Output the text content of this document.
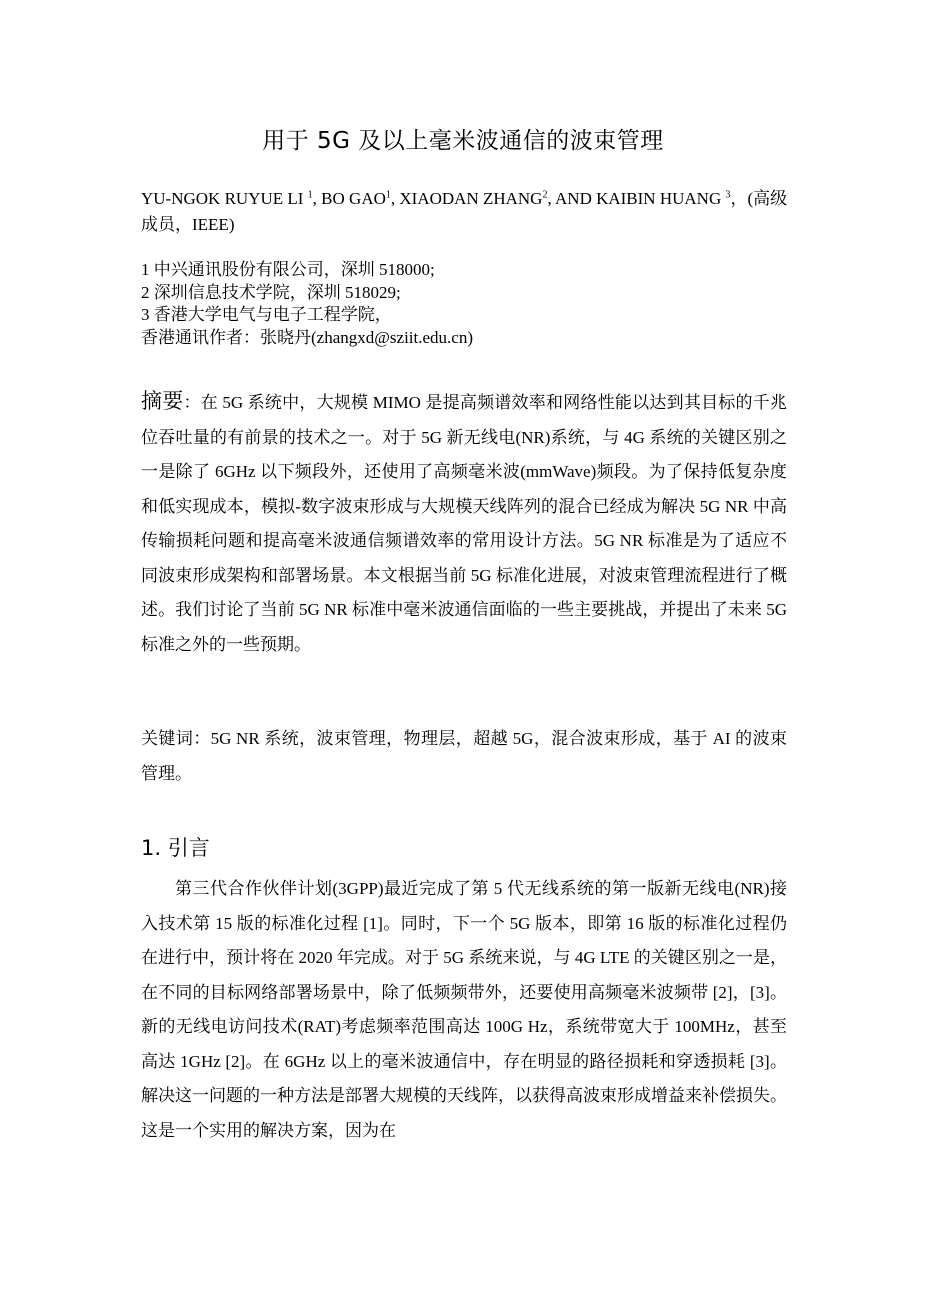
用于 5G 及以上毫米波通信的波束管理
YU-NGOK RUYUE LI $^1$, BO GAO$^1$, XIAODAN ZHANG$^2$, AND KAIBIN HUANG $^3$，(高级成员，IEEE)
1 中兴通讯股份有限公司，深圳 518000;
2 深圳信息技术学院，深圳 518029;
3 香港大学电气与电子工程学院，
香港通讯作者：张晓丹(zhangxd@sziit.edu.cn)
摘要：在 5G 系统中，大规模 MIMO 是提高频谱效率和网络性能以达到其目标的千兆位吞吐量的有前景的技术之一。对于 5G 新无线电(NR)系统，与 4G 系统的关键区别之一是除了 6GHz 以下频段外，还使用了高频毫米波(mmWave)频段。为了保持低复杂度和低实现成本，模拟-数字波束形成与大规模天线阵列的混合已经成为解决 5G NR 中高传输损耗问题和提高毫米波通信频谱效率的常用设计方法。5G NR 标准是为了适应不同波束形成架构和部署场景。本文根据当前 5G 标准化进展，对波束管理流程进行了概述。我们讨论了当前 5G NR 标准中毫米波通信面临的一些主要挑战，并提出了未来 5G 标准之外的一些预期。
关键词：5G NR 系统，波束管理，物理层，超越 5G，混合波束形成，基于 AI 的波束管理。
1. 引言
第三代合作伙伴计划(3GPP)最近完成了第 5 代无线系统的第一版新无线电(NR)接入技术第 15 版的标准化过程 [1]。同时，下一个 5G 版本，即第 16 版的标准化过程仍在进行中，预计将在 2020 年完成。对于 5G 系统来说，与 4G LTE 的关键区别之一是，在不同的目标网络部署场景中，除了低频频带外，还要使用高频毫米波频带 [2]，[3]。新的无线电访问技术(RAT)考虑频率范围高达 100G Hz，系统带宽大于 100MHz，甚至高达 1GHz [2]。在 6GHz 以上的毫米波通信中，存在明显的路径损耗和穿透损耗 [3]。解决这一问题的一种方法是部署大规模的天线阵，以获得高波束形成增益来补偿损失。这是一个实用的解决方案，因为在
